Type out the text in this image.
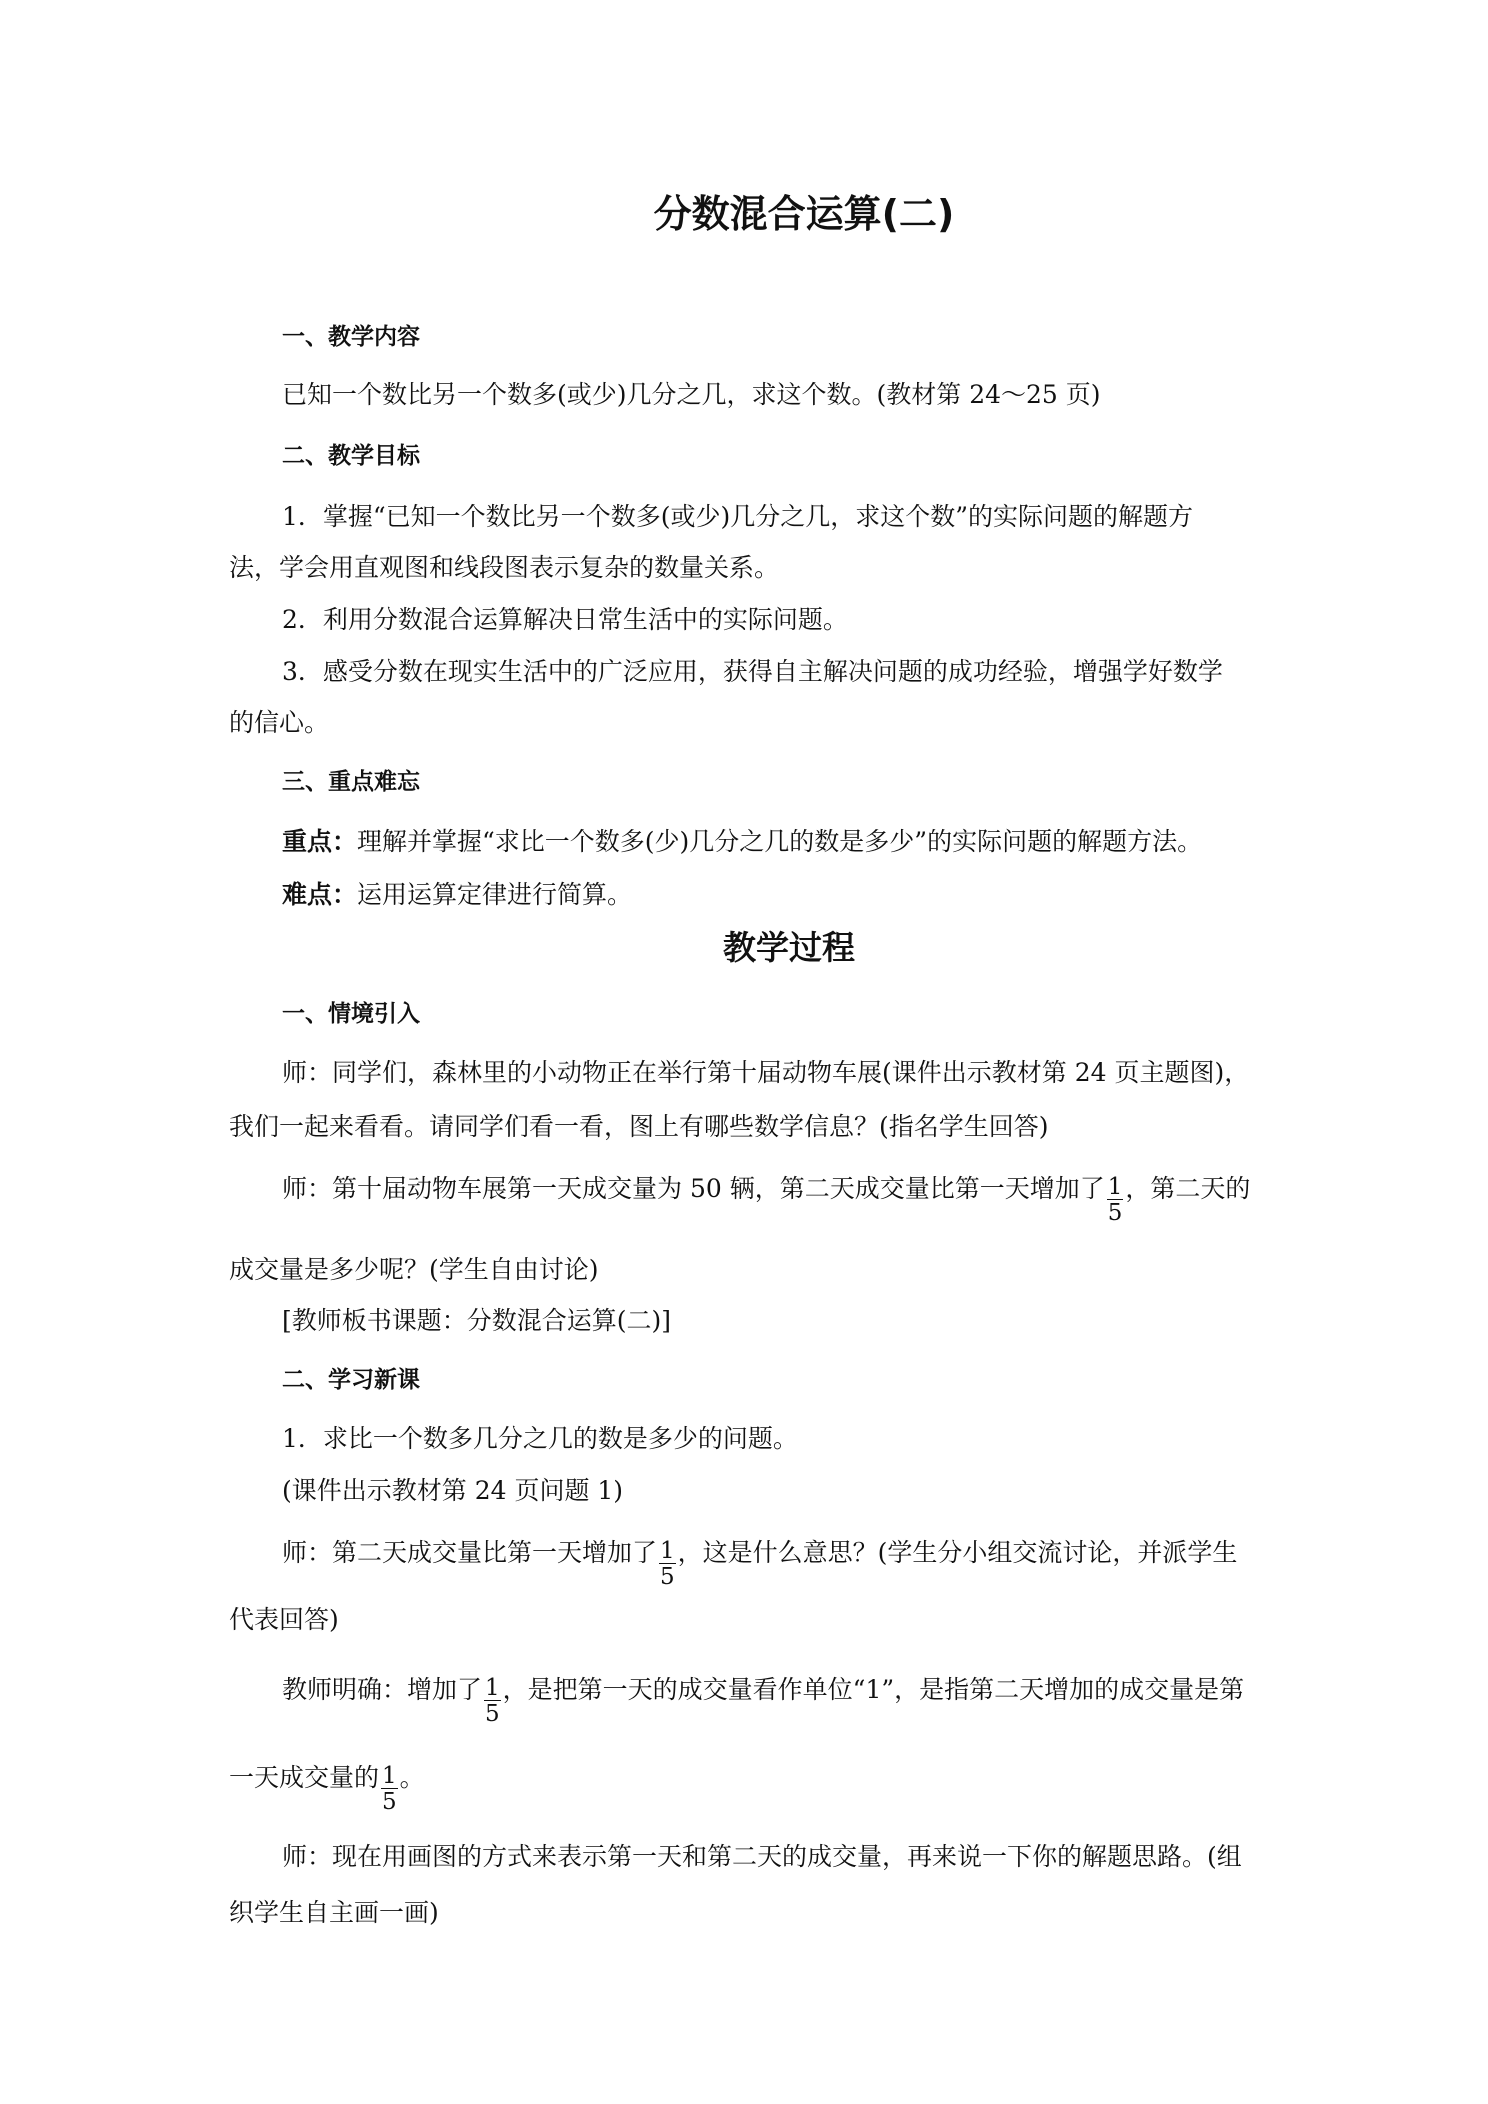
分数混合运算(二)
一、教学内容
已知一个数比另一个数多(或少)几分之几，求这个数。(教材第 24～25 页)
二、教学目标
1．掌握“已知一个数比另一个数多(或少)几分之几，求这个数”的实际问题的解题方
法，学会用直观图和线段图表示复杂的数量关系。
2．利用分数混合运算解决日常生活中的实际问题。
3．感受分数在现实生活中的广泛应用，获得自主解决问题的成功经验，增强学好数学
的信心。
三、重点难忘
重点：理解并掌握“求比一个数多(少)几分之几的数是多少”的实际问题的解题方法。
难点：运用运算定律进行简算。
教学过程
一、情境引入
师：同学们，森林里的小动物正在举行第十届动物车展(课件出示教材第 24 页主题图)，
我们一起来看看。请同学们看一看，图上有哪些数学信息？(指名学生回答)
师：第十届动物车展第一天成交量为 50 辆，第二天成交量比第一天增加了 $\frac{1}{5}$ ，第二天的
成交量是多少呢？(学生自由讨论)
[教师板书课题：分数混合运算(二)]
二、学习新课
1．求比一个数多几分之几的数是多少的问题。
(课件出示教材第 24 页问题 1)
师：第二天成交量比第一天增加了 $\frac{1}{5}$ ，这是什么意思？(学生分小组交流讨论，并派学生
代表回答)
教师明确：增加了 $\frac{1}{5}$ ，是把第一天的成交量看作单位“1”，是指第二天增加的成交量是第
一天成交量的 $\frac{1}{5}$ 。
师：现在用画图的方式来表示第一天和第二天的成交量，再来说一下你的解题思路。(组
织学生自主画一画)
